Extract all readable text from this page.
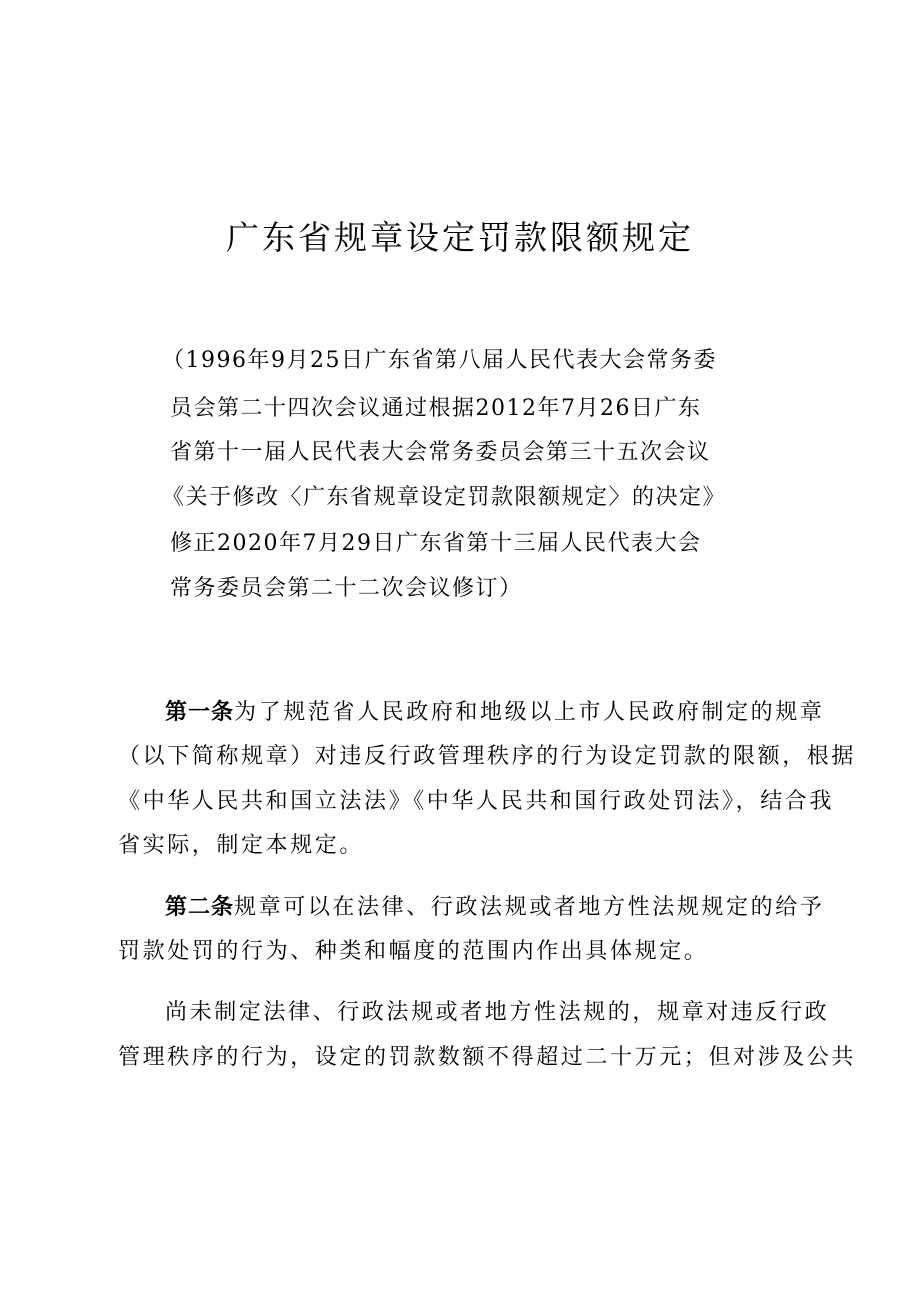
广东省规章设定罚款限额规定
（1996年9月25日广东省第八届人民代表大会常务委
员会第二十四次会议通过根据2012年7月26日广东
省第十一届人民代表大会常务委员会第三十五次会议
《关于修改〈广东省规章设定罚款限额规定〉的决定》
修正2020年7月29日广东省第十三届人民代表大会
常务委员会第二十二次会议修订）
第一条为了规范省人民政府和地级以上市人民政府制定的规章
（以下简称规章）对违反行政管理秩序的行为设定罚款的限额，根据
《中华人民共和国立法法》《中华人民共和国行政处罚法》，结合我
省实际，制定本规定。
第二条规章可以在法律、行政法规或者地方性法规规定的给予
罚款处罚的行为、种类和幅度的范围内作出具体规定。
尚未制定法律、行政法规或者地方性法规的，规章对违反行政
管理秩序的行为，设定的罚款数额不得超过二十万元；但对涉及公共
